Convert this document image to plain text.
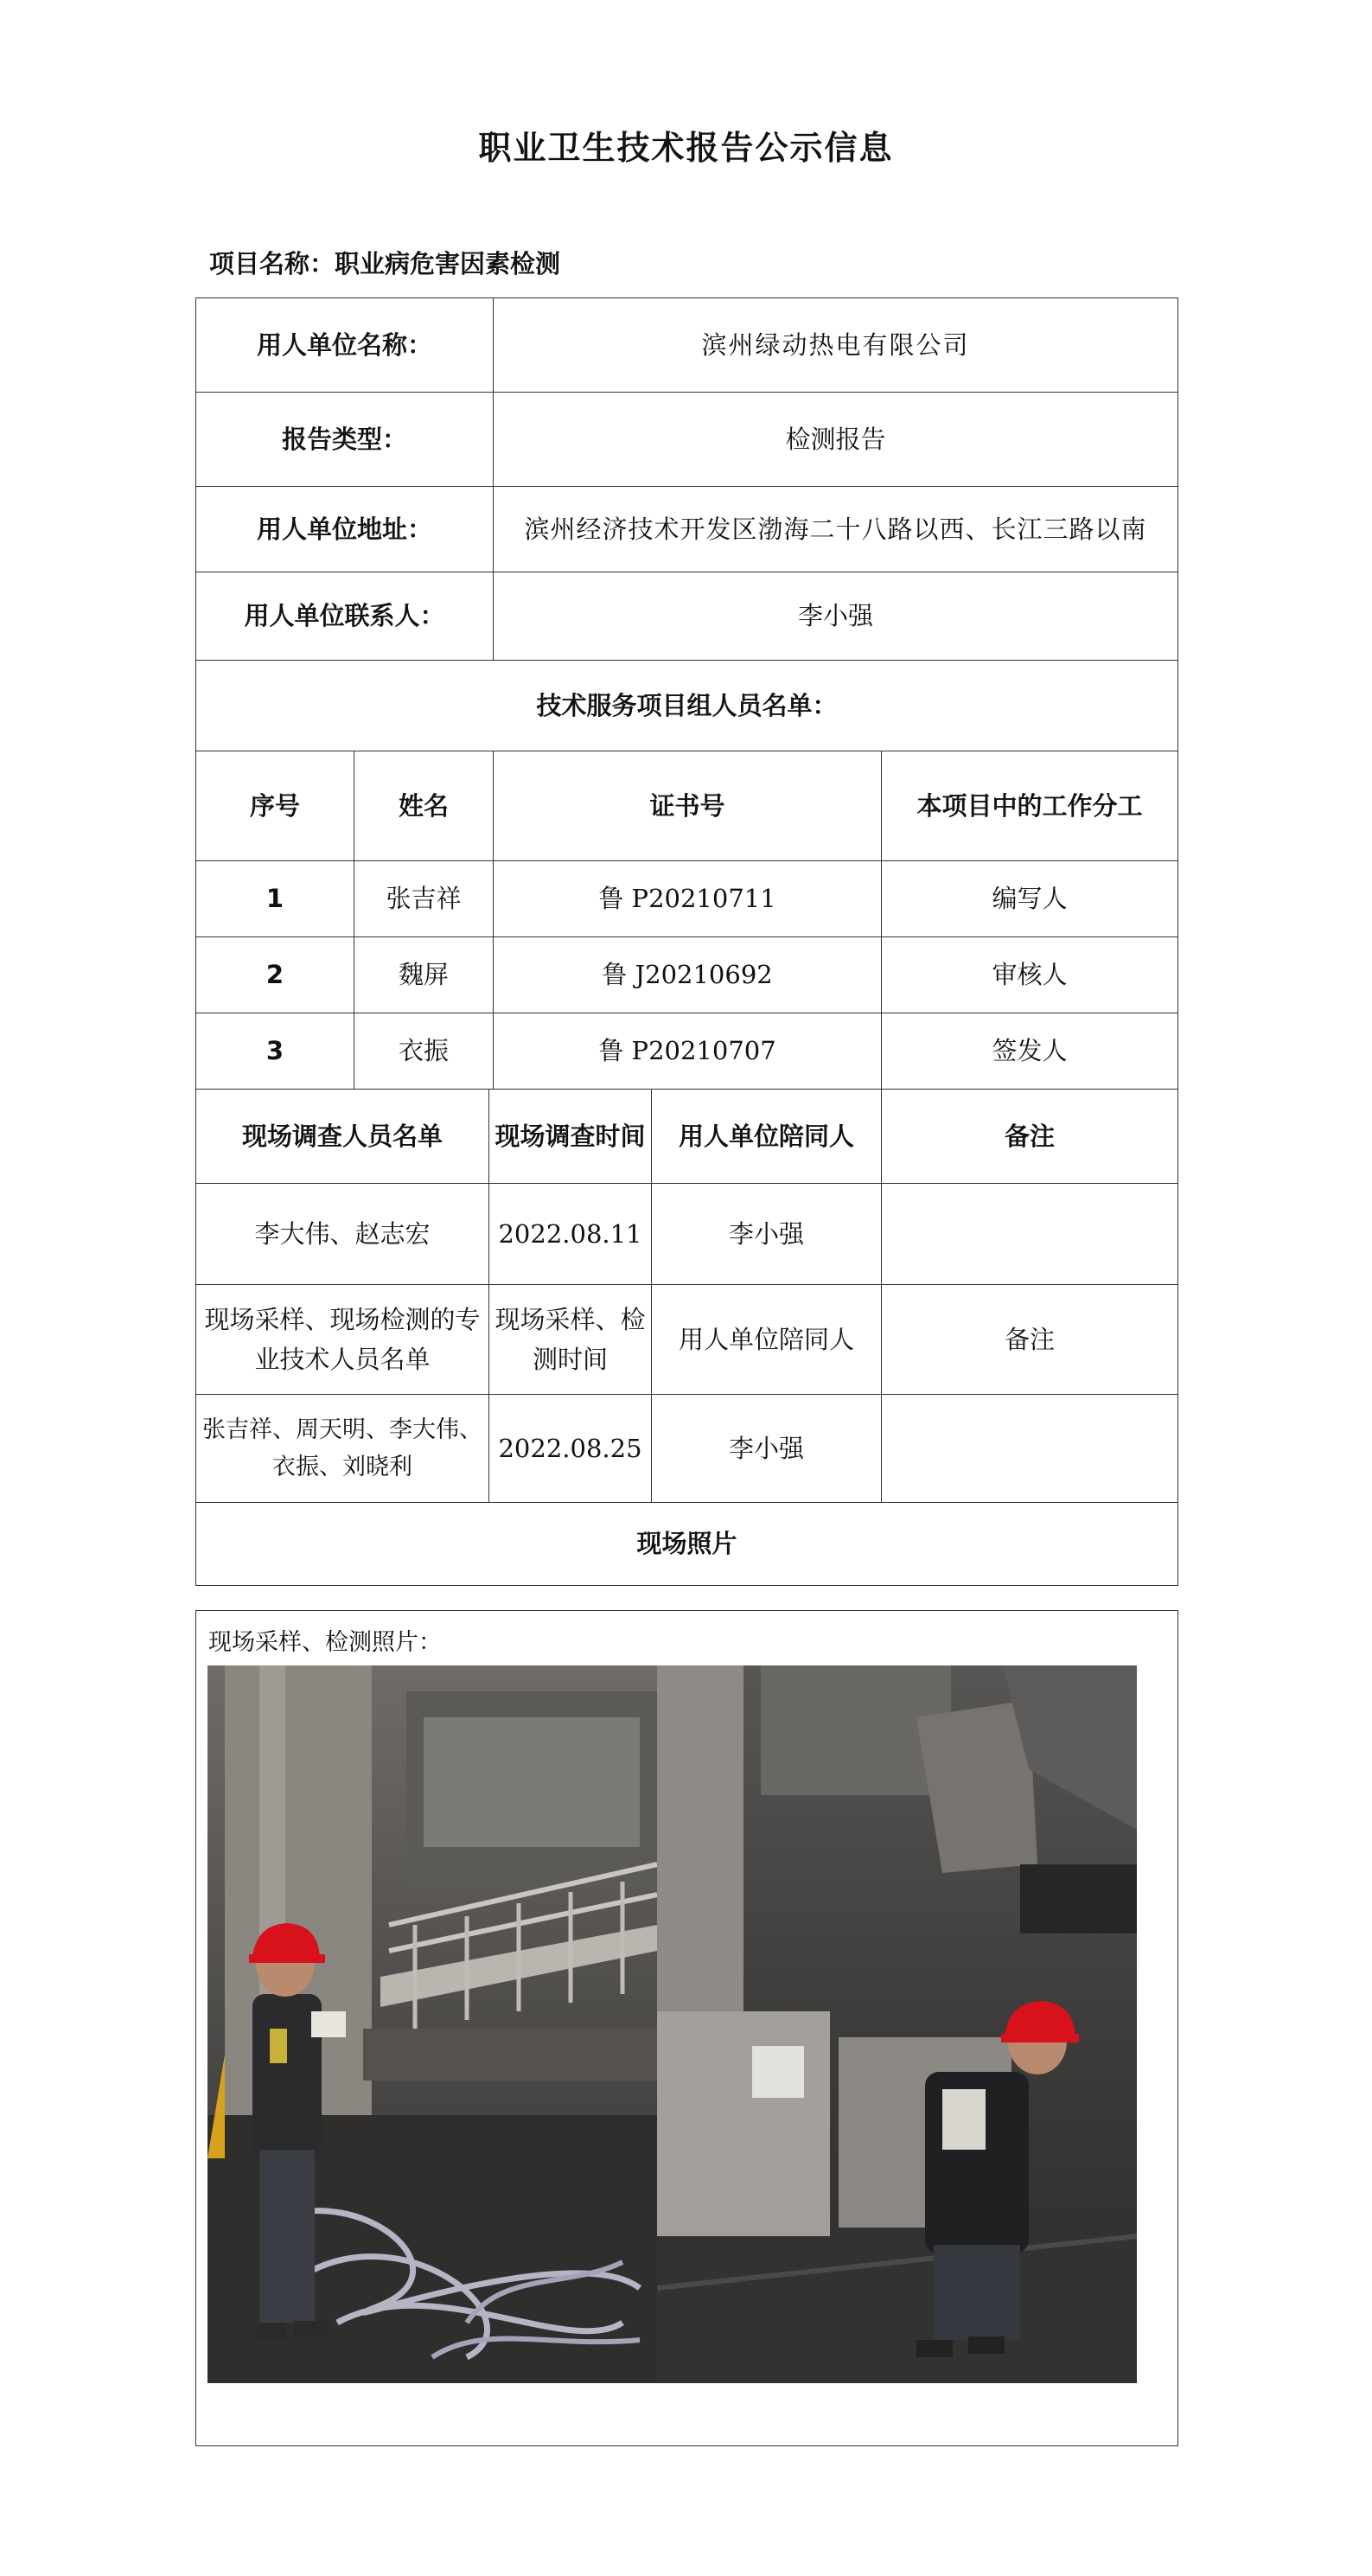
职业卫生技术报告公示信息
项目名称：职业病危害因素检测
用人单位名称：			滨州绿动热电有限公司		
报告类型：			检测报告		
用人单位地址：			滨州经济技术开发区渤海二十八路以西、长江三路以南		
用人单位联系人：			李小强		
技术服务项目组人员名单：					
序号	姓名		证书号		本项目中的工作分工
1	张吉祥		鲁 P20210711		编写人
2	魏屏		鲁 J20210692		审核人
3	衣振		鲁 P20210707		签发人
现场调查人员名单		现场调查时间		用人单位陪同人	备注
李大伟、赵志宏		2022.08.11		李小强	
现场采样、现场检测的专业技术人员名单		现场采样、检测时间		用人单位陪同人	备注
张吉祥、周天明、李大伟、衣振、刘晓利		2022.08.25		李小强	
现场照片					
现场采样、检测照片：
